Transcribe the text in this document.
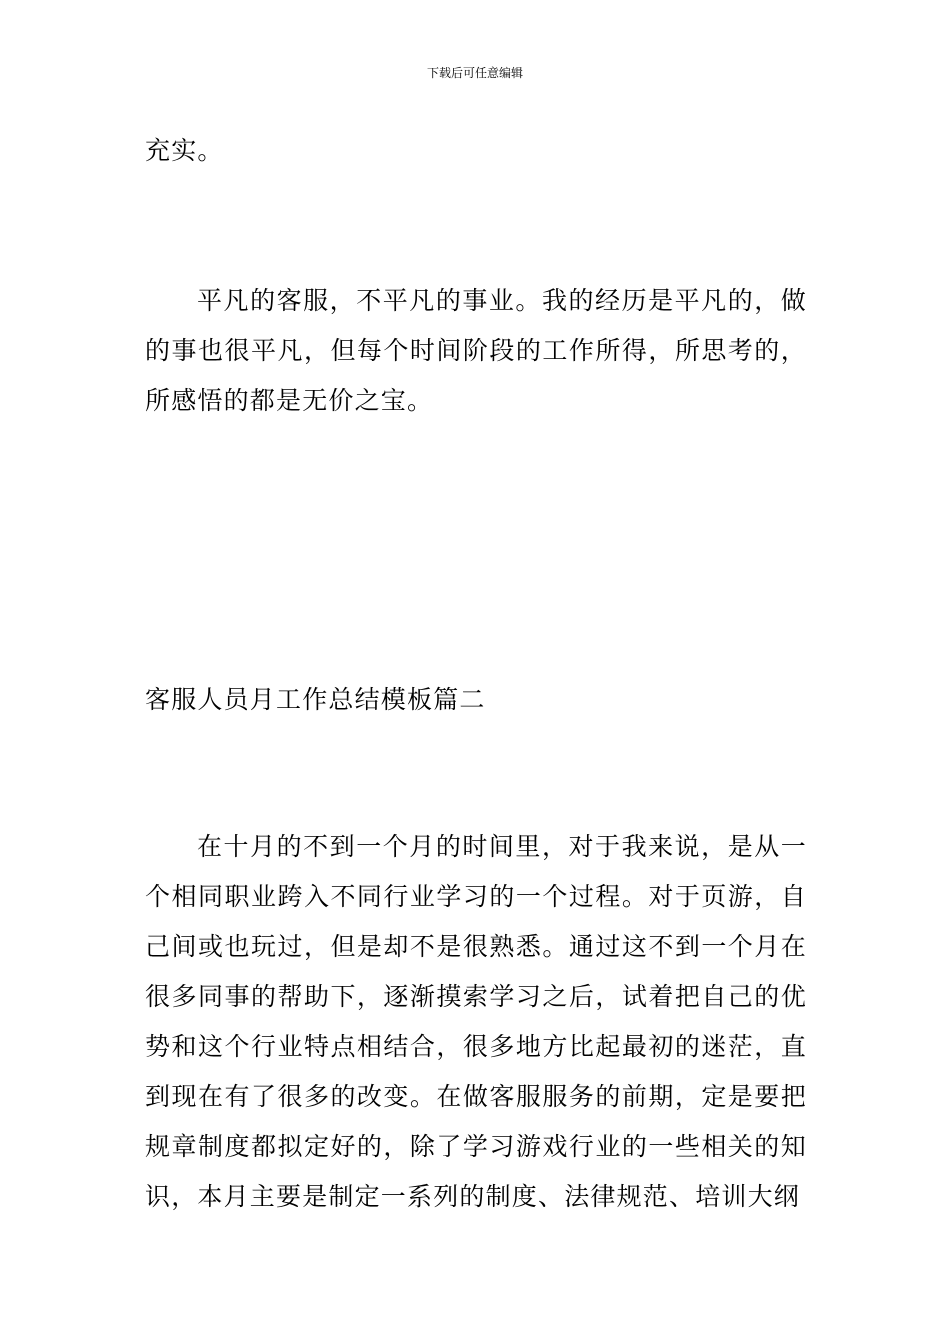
下载后可任意编辑
充实。
平凡的客服，不平凡的事业。我的经历是平凡的，做的事也很平凡，但每个时间阶段的工作所得，所思考的，所感悟的都是无价之宝。
客服人员月工作总结模板篇二
在十月的不到一个月的时间里，对于我来说，是从一个相同职业跨入不同行业学习的一个过程。对于页游，自己间或也玩过，但是却不是很熟悉。通过这不到一个月在很多同事的帮助下，逐渐摸索学习之后，试着把自己的优势和这个行业特点相结合，很多地方比起最初的迷茫，直到现在有了很多的改变。在做客服服务的前期，定是要把规章制度都拟定好的，除了学习游戏行业的一些相关的知识，本月主要是制定一系列的制度、法律规范、培训大纲
